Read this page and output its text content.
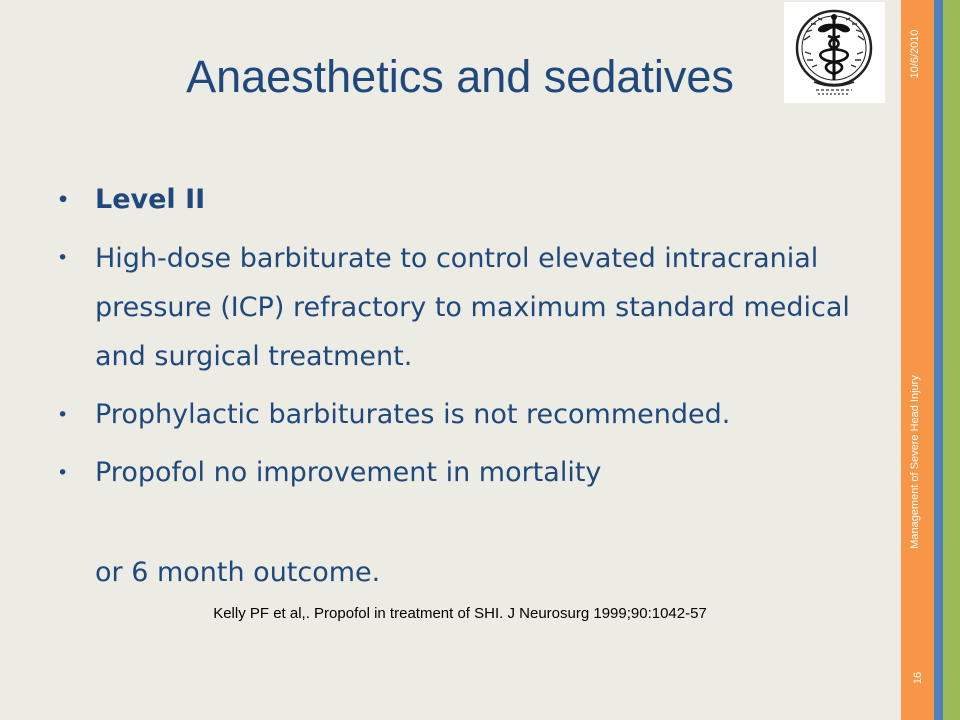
10/6/2010
Management of Severe Head Injury
16
Anaesthetics and sedatives
• Level II
• High-dose barbiturate to control elevated intracranial pressure (ICP) refractory to maximum standard medical and surgical treatment.
• Prophylactic barbiturates is not recommended.
• Propofol no improvement in mortality
or 6 month outcome.
Kelly PF et al,. Propofol in treatment of SHI. J Neurosurg 1999;90:1042-57
